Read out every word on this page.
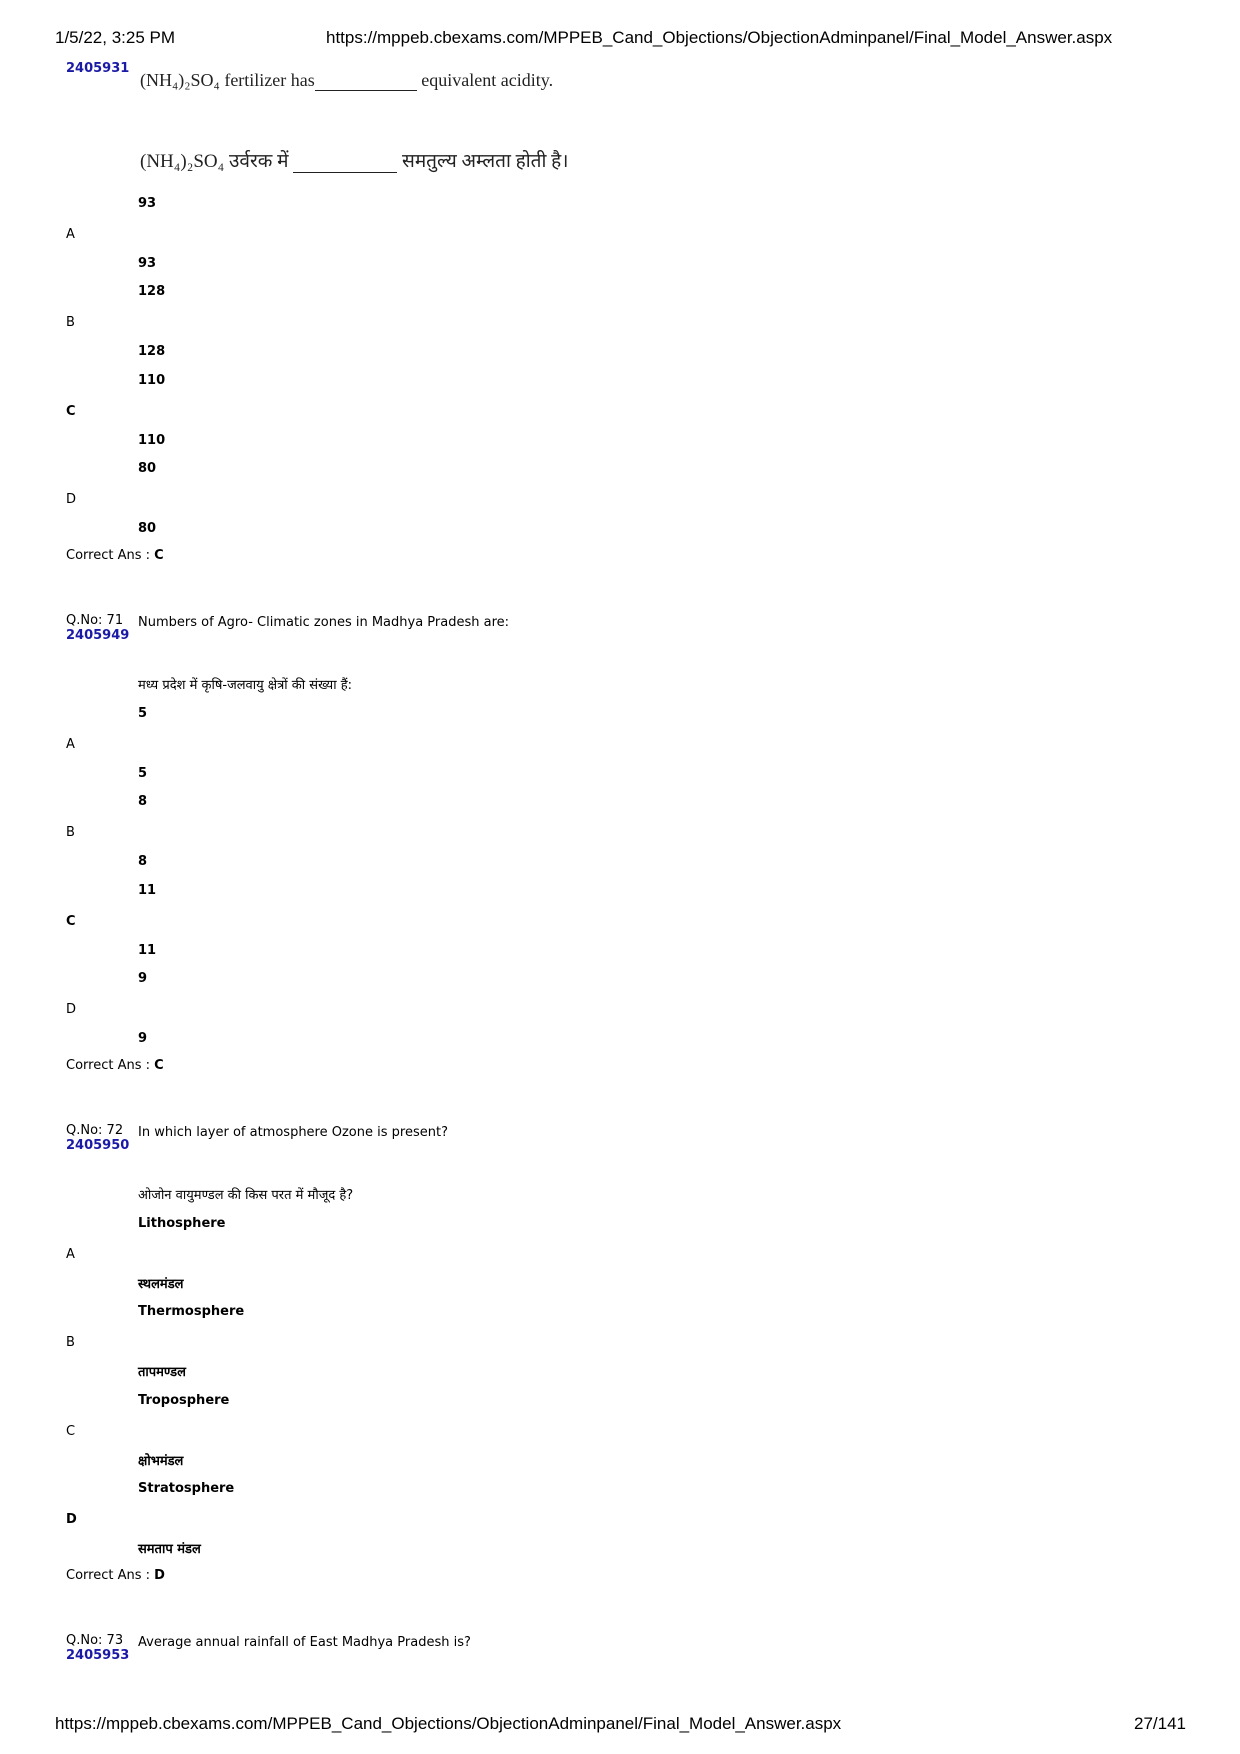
1/5/22, 3:25 PM	https://mppeb.cbexams.com/MPPEB_Cand_Objections/ObjectionAdminpanel/Final_Model_Answer.aspx
2405931
(NH₄)₂SO₄ fertilizer has	equivalent acidity.
(NH₄)₂SO₄ उर्वरक में	समतुल्य अम्लता होती है।
93
A
93
128
B
128
110
C
110
80
D
80
Correct Ans : C
Q.No: 71
2405949
Numbers of Agro- Climatic zones in Madhya Pradesh are:
मध्य प्रदेश में कृषि-जलवायु क्षेत्रों की संख्या हैं:
5
A
5
8
B
8
11
C
11
9
D
9
Correct Ans : C
Q.No: 72
2405950
In which layer of atmosphere Ozone is present?
ओजोन वायुमण्डल की किस परत में मौजूद है?
Lithosphere
A
स्थलमंडल
Thermosphere
B
तापमण्डल
Troposphere
C
क्षोभमंडल
Stratosphere
D
समताप मंडल
Correct Ans : D
Q.No: 73
2405953
Average annual rainfall of East Madhya Pradesh is?
https://mppeb.cbexams.com/MPPEB_Cand_Objections/ObjectionAdminpanel/Final_Model_Answer.aspx	27/141
